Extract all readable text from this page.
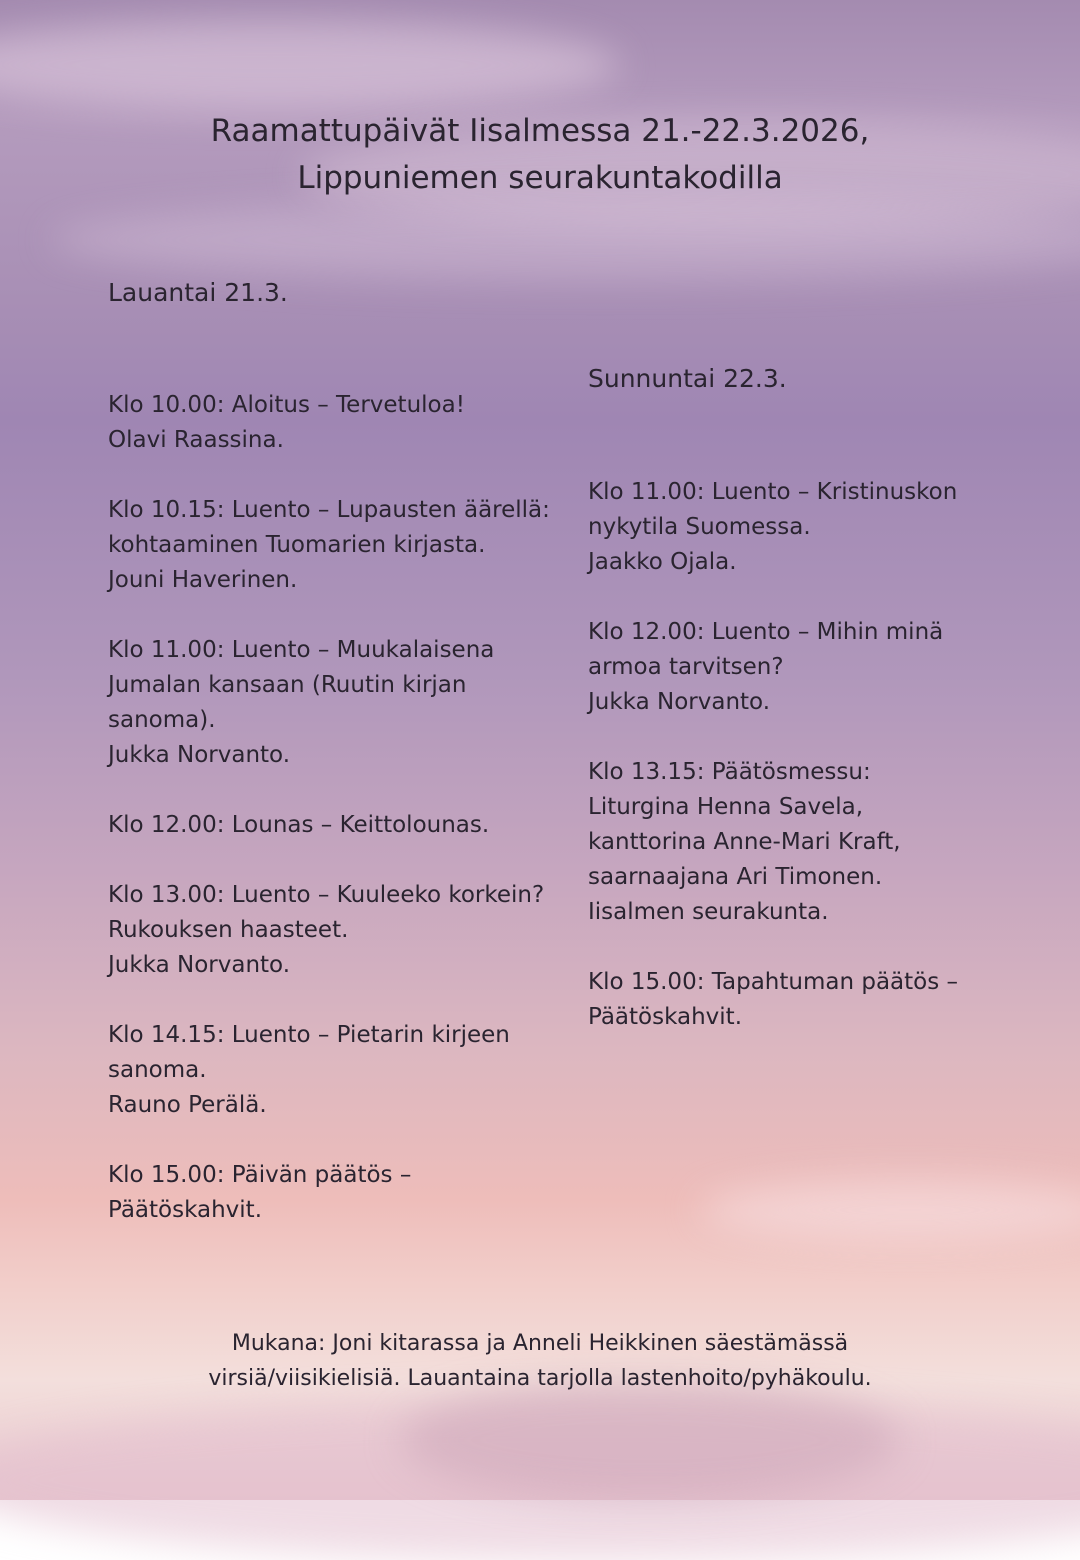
Raamattupäivät Iisalmessa 21.-22.3.2026,
Lippuniemen seurakuntakodilla
Lauantai 21.3.
Klo 10.00: Aloitus – Tervetuloa!
Olavi Raassina.
Klo 10.15: Luento – Lupausten äärellä: kohtaaminen Tuomarien kirjasta.
Jouni Haverinen.
Klo 11.00: Luento – Muukalaisena Jumalan kansaan (Ruutin kirjan sanoma).
Jukka Norvanto.
Klo 12.00: Lounas – Keittolounas.
Klo 13.00: Luento – Kuuleeko korkein? Rukouksen haasteet.
Jukka Norvanto.
Klo 14.15: Luento – Pietarin kirjeen sanoma.
Rauno Perälä.
Klo 15.00: Päivän päätös – Päätöskahvit.
Sunnuntai 22.3.
Klo 11.00: Luento – Kristinuskon nykytila Suomessa.
Jaakko Ojala.
Klo 12.00: Luento – Mihin minä armoa tarvitsen?
Jukka Norvanto.
Klo 13.15: Päätösmessu: Liturgina Henna Savela, kanttorina Anne-Mari Kraft, saarnaajana Ari Timonen.
Iisalmen seurakunta.
Klo 15.00: Tapahtuman päätös – Päätöskahvit.
Mukana: Joni kitarassa ja Anneli Heikkinen säestämässä
virsiä/viisikielisiä. Lauantaina tarjolla lastenhoito/pyhäkoulu.
